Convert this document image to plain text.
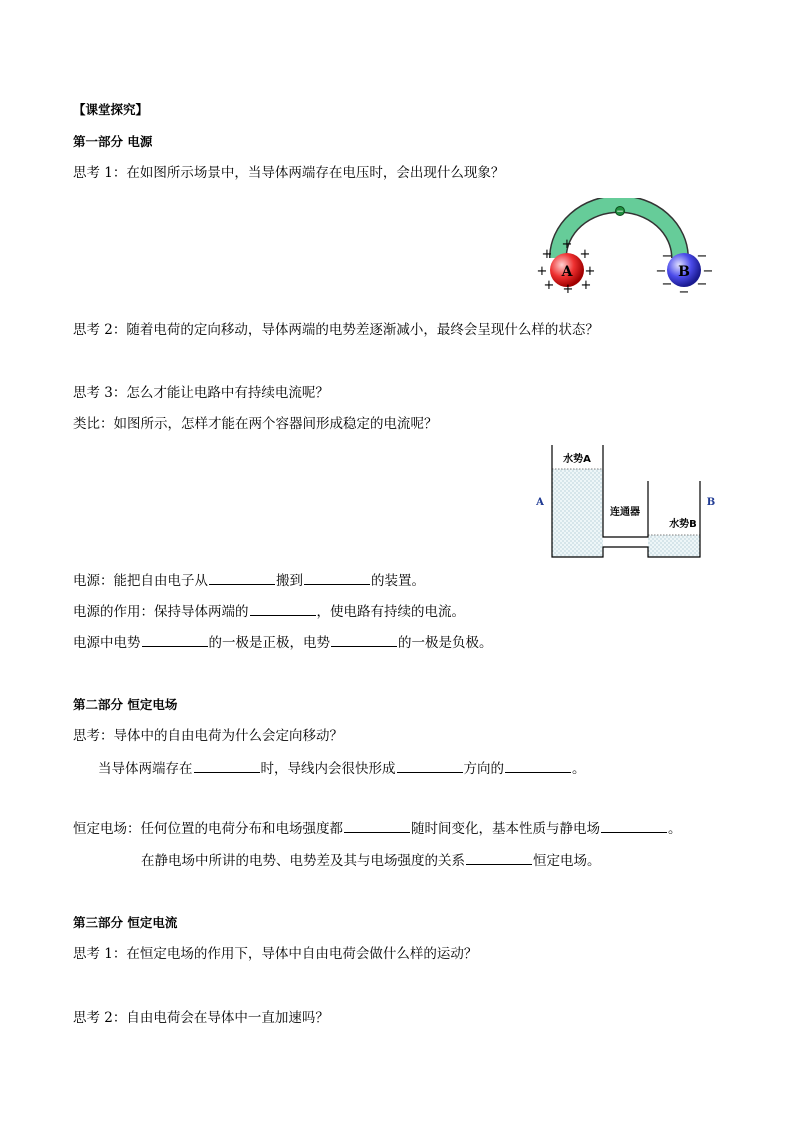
【课堂探究】
第一部分 电源
思考 1：在如图所示场景中，当导体两端存在电压时，会出现什么现象？
−
A	B
+
+ +
+	+
+ + +
− −
−	−
− −
−
思考 2：随着电荷的定向移动，导体两端的电势差逐渐减小，最终会呈现什么样的状态？
思考 3：怎么才能让电路中有持续电流呢？
类比：如图所示，怎样才能在两个容器间形成稳定的电流呢？
A	B
水势A
水势B
连通器
电源：能把自由电子从	搬到	的装置。
电源的作用：保持导体两端的	，使电路有持续的电流。
电源中电势	的一极是正极，电势	的一极是负极。
第二部分 恒定电场
思考：导体中的自由电荷为什么会定向移动？
当导体两端存在	时，导线内会很快形成	方向的	。
恒定电场：任何位置的电荷分布和电场强度都	随时间变化，基本性质与静电场	。
在静电场中所讲的电势、电势差及其与电场强度的关系	恒定电场。
第三部分 恒定电流
思考 1：在恒定电场的作用下，导体中自由电荷会做什么样的运动？
思考 2：自由电荷会在导体中一直加速吗？
